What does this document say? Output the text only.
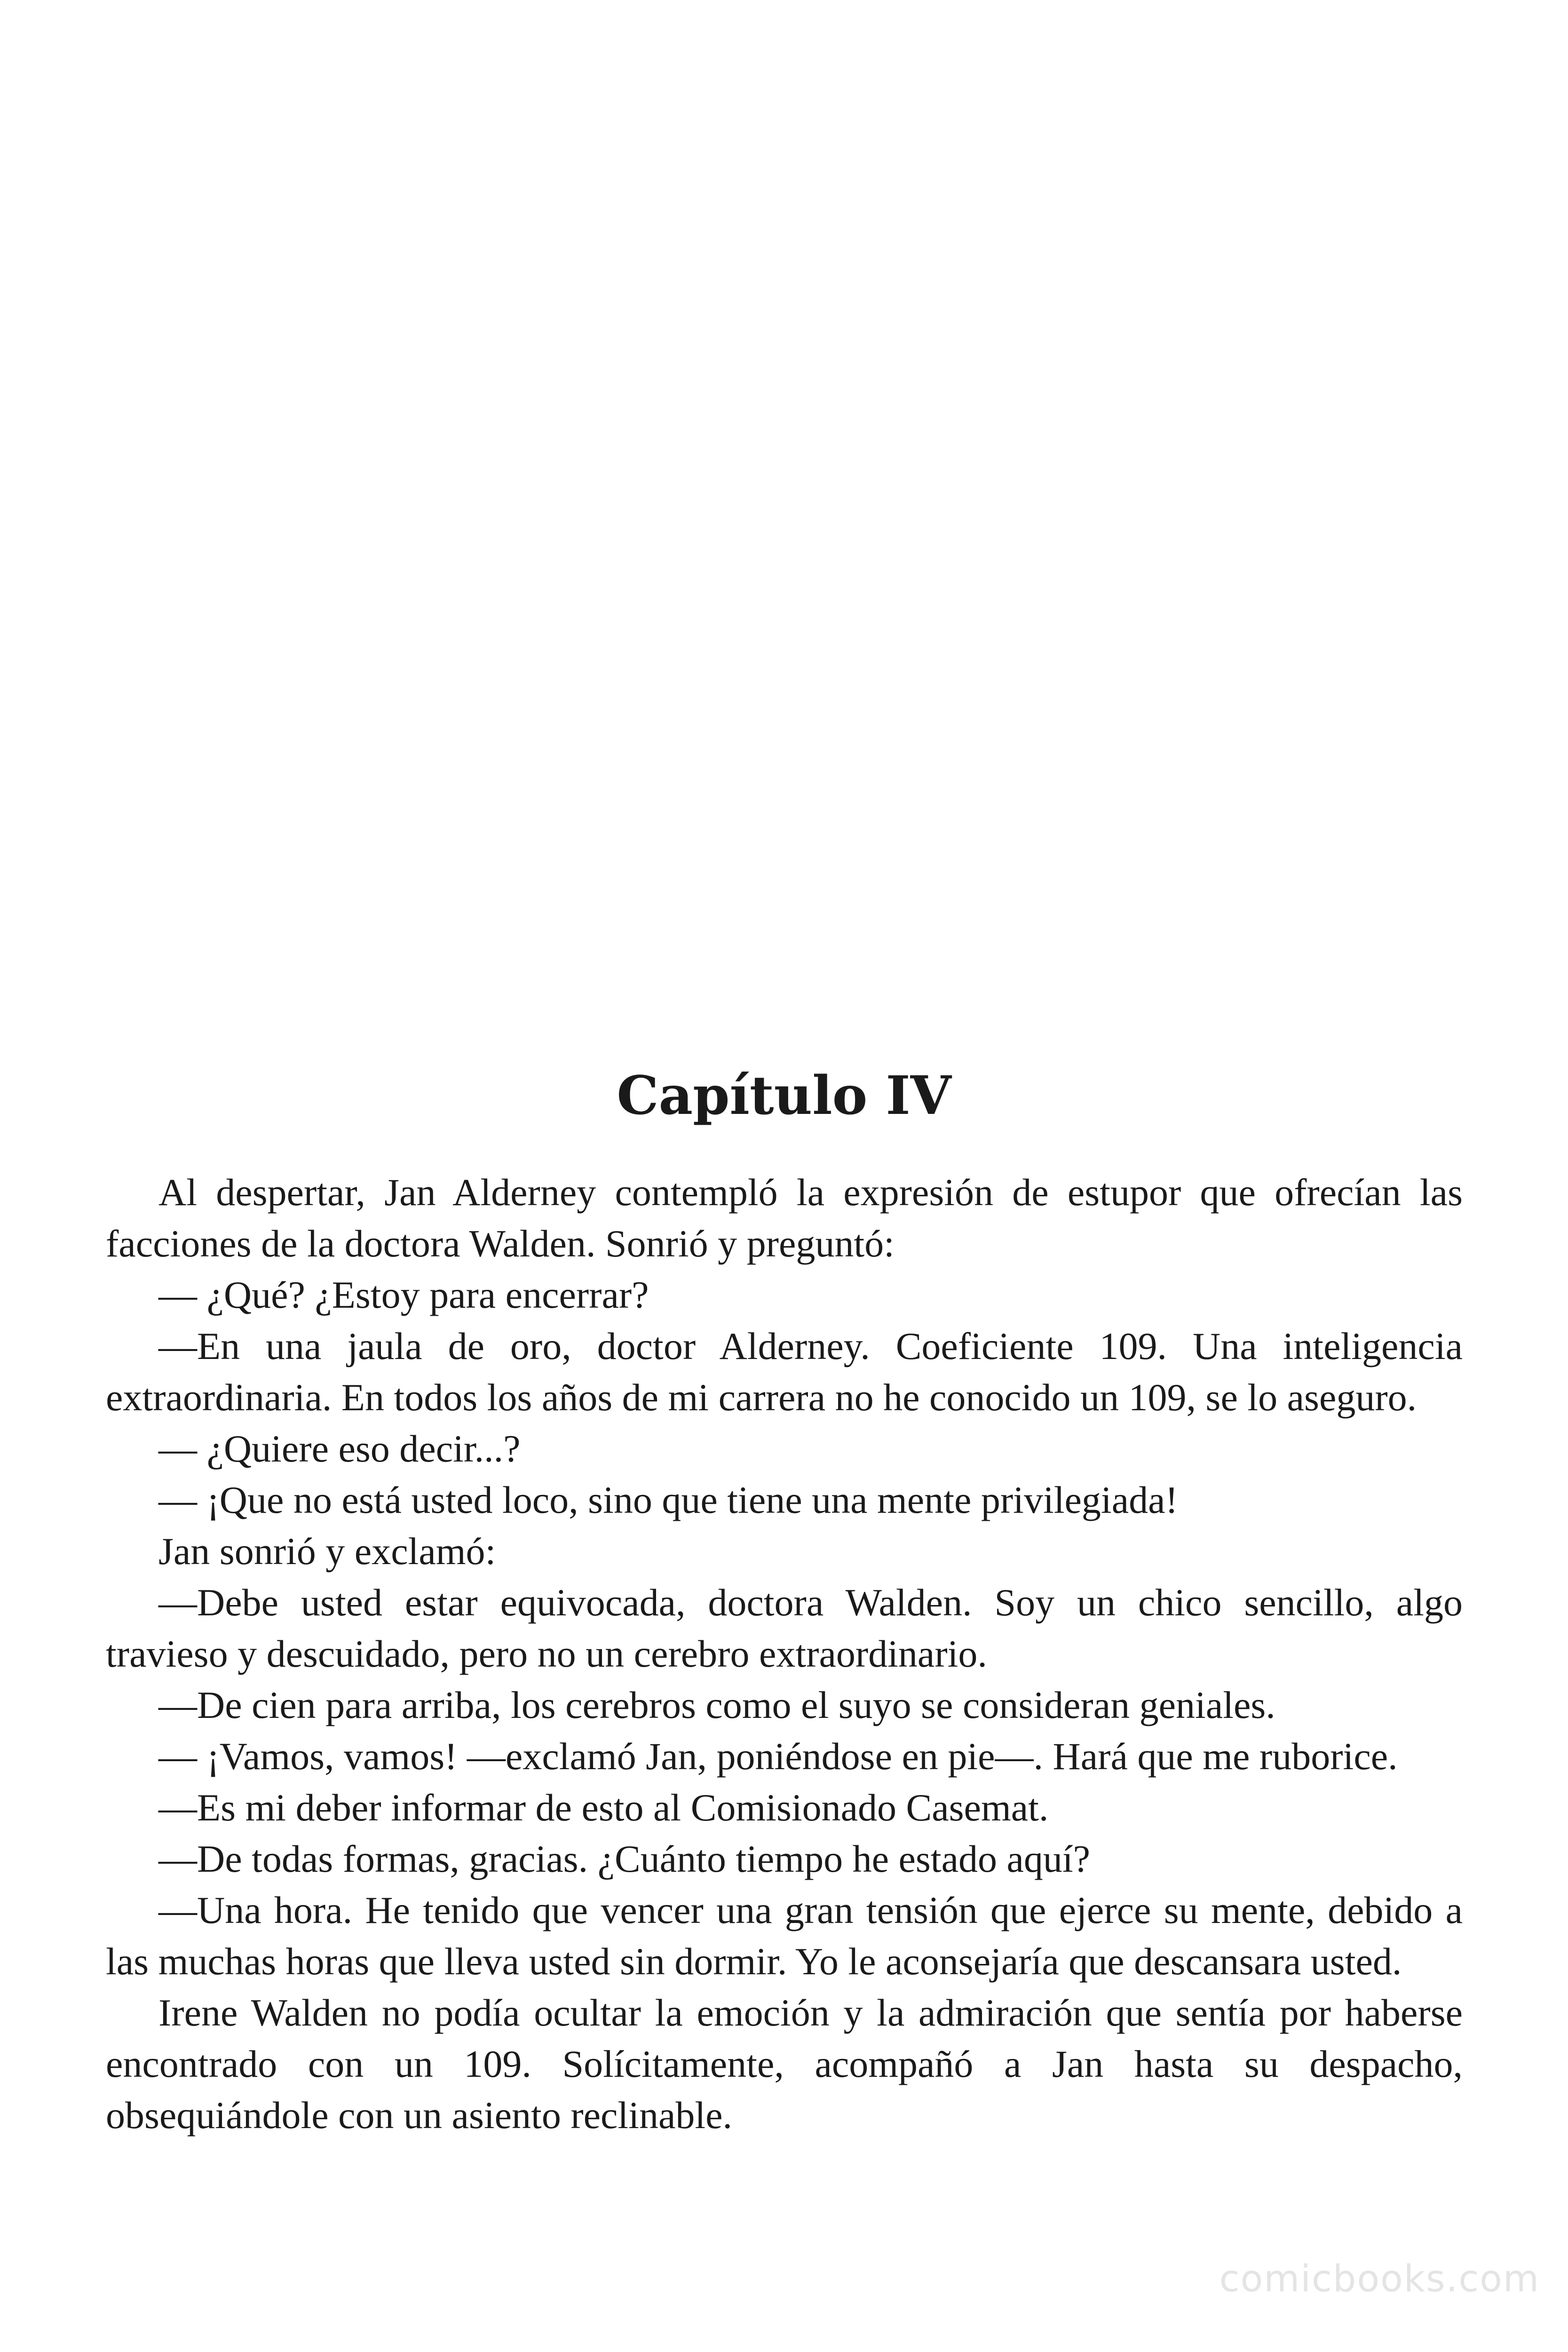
Capítulo IV

Al despertar, Jan Alderney contempló la expresión de estupor que ofrecían las facciones de la doctora Walden. Sonrió y preguntó:

— ¿Qué? ¿Estoy para encerrar?

—En una jaula de oro, doctor Alderney. Coeficiente 109. Una inteligencia extraordinaria. En todos los años de mi carrera no he conocido un 109, se lo aseguro.

— ¿Quiere eso decir...?

— ¡Que no está usted loco, sino que tiene una mente privilegiada!

Jan sonrió y exclamó:

—Debe usted estar equivocada, doctora Walden. Soy un chico sencillo, algo travieso y descuidado, pero no un cerebro extraordinario.

—De cien para arriba, los cerebros como el suyo se consideran geniales.

— ¡Vamos, vamos! —exclamó Jan, poniéndose en pie—. Hará que me ruborice.

—Es mi deber informar de esto al Comisionado Casemat.

—De todas formas, gracias. ¿Cuánto tiempo he estado aquí?

—Una hora. He tenido que vencer una gran tensión que ejerce su mente, debido a las muchas horas que lleva usted sin dormir. Yo le aconsejaría que descansara usted.

Irene Walden no podía ocultar la emoción y la admiración que sentía por haberse encontrado con un 109. Solícitamente, acompañó a Jan hasta su despacho, obsequiándole con un asiento reclinable.

comicbooks.com
